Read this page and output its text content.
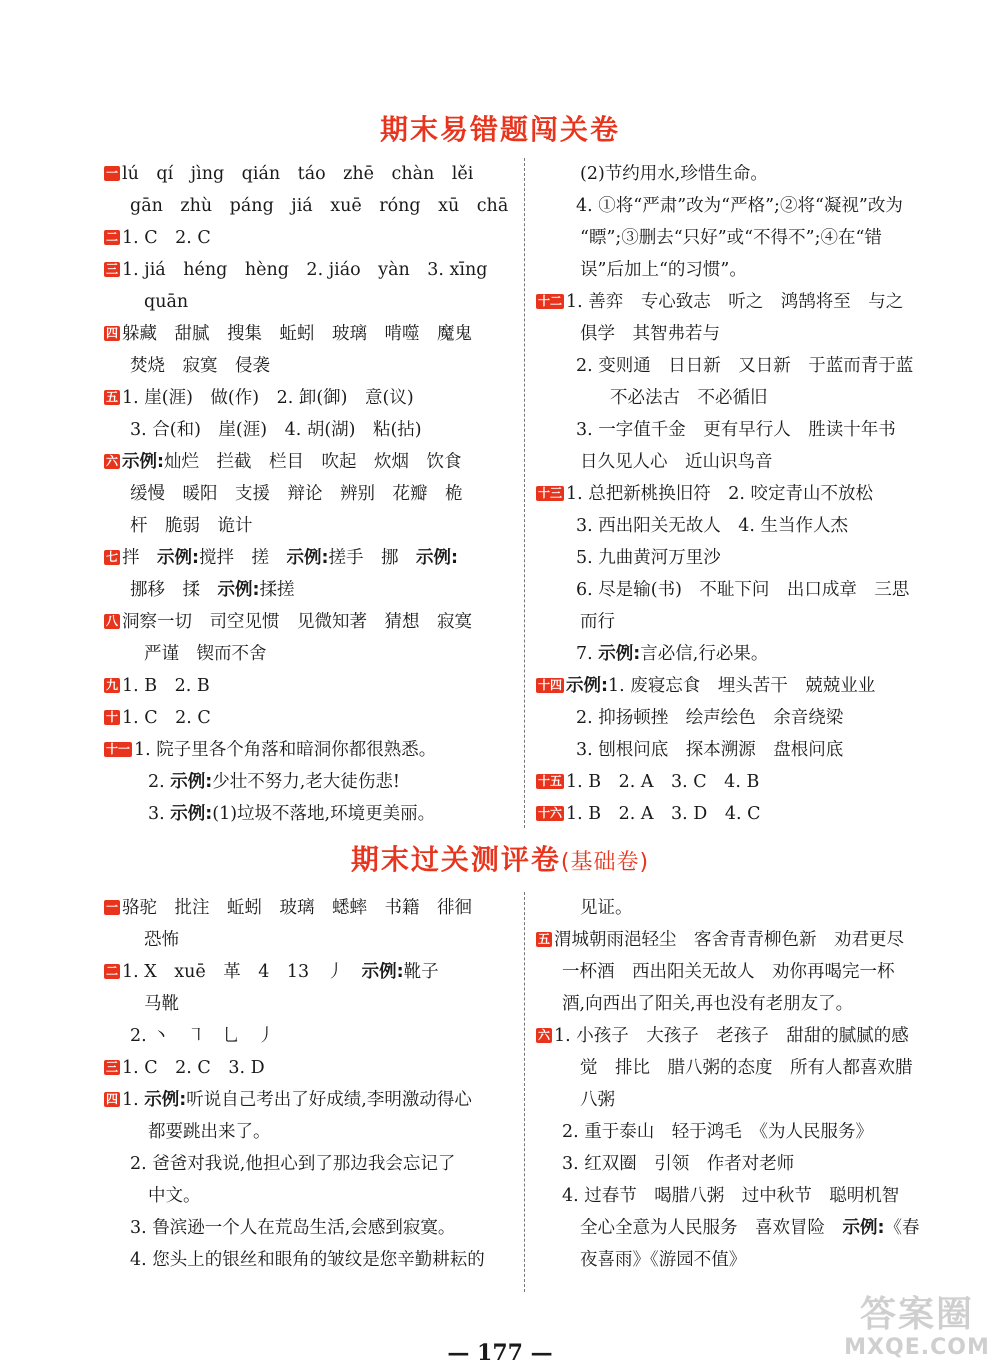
期末易错题闯关卷
一 lú　qí　jìng　qián　táo　zhē　chàn　lěi
gān　zhù　páng　jiá　xuē　róng　xū　chā
二 1. C　2. C
三 1. jiá　héng　hèng　2. jiáo　yàn　3. xīng
quān
四 躲藏　甜腻　搜集　蚯蚓　玻璃　啃噬　魔鬼
焚烧　寂寞　侵袭
五 1. 崖(涯)　做(作)　2. 卸(御)　意(议)
3. 合(和)　崖(涯)　4. 胡(湖)　粘(拈)
六 示例:灿烂　拦截　栏目　吹起　炊烟　饮食
缓慢　暖阳　支援　辩论　辨别　花瓣　桅
杆　脆弱　诡计
七 拌　示例:搅拌　搓　示例:搓手　挪　示例:
挪移　揉　示例:揉搓
八 洞察一切　司空见惯　见微知著　猜想　寂寞
严谨　锲而不舍
九 1. B　2. B
十 1. C　2. C
十一 1. 院子里各个角落和暗洞你都很熟悉。
2. 示例:少壮不努力,老大徒伤悲!
3. 示例:(1)垃圾不落地,环境更美丽。
(2)节约用水,珍惜生命。
4. ①将“严肃”改为“严格”;②将“凝视”改为
“瞟”;③删去“只好”或“不得不”;④在“错
误”后加上“的习惯”。
十二 1. 善弈　专心致志　听之　鸿鹄将至　与之
俱学　其智弗若与
2. 变则通　日日新　又日新　于蓝而青于蓝
不必法古　不必循旧
3. 一字值千金　更有早行人　胜读十年书
日久见人心　近山识鸟音
十三 1. 总把新桃换旧符　2. 咬定青山不放松
3. 西出阳关无故人　4. 生当作人杰
5. 九曲黄河万里沙
6. 尽是输(书)　不耻下问　出口成章　三思
而行
7. 示例:言必信,行必果。
十四 示例:1. 废寝忘食　埋头苦干　兢兢业业
2. 抑扬顿挫　绘声绘色　余音绕梁
3. 刨根问底　探本溯源　盘根问底
十五 1. B　2. A　3. C　4. B
十六 1. B　2. A　3. D　4. C
期末过关测评卷(基础卷)
一 骆驼　批注　蚯蚓　玻璃　蟋蟀　书籍　徘徊
恐怖
二 1. X　xuē　革　4　13　丿　示例:靴子
马靴
2. 丶　㇕　乚　丿
三 1. C　2. C　3. D
四 1. 示例:听说自己考出了好成绩,李明激动得心
都要跳出来了。
2. 爸爸对我说,他担心到了那边我会忘记了
中文。
3. 鲁滨逊一个人在荒岛生活,会感到寂寞。
4. 您头上的银丝和眼角的皱纹是您辛勤耕耘的
见证。
五 渭城朝雨浥轻尘　客舍青青柳色新　劝君更尽
一杯酒　西出阳关无故人　劝你再喝完一杯
酒,向西出了阳关,再也没有老朋友了。
六 1. 小孩子　大孩子　老孩子　甜甜的腻腻的感
觉　排比　腊八粥的态度　所有人都喜欢腊
八粥
2. 重于泰山　轻于鸿毛　《为人民服务》
3. 红双圈　引领　作者对老师
4. 过春节　喝腊八粥　过中秋节　聪明机智
全心全意为人民服务　喜欢冒险　示例:《春
夜喜雨》《游园不值》
— 177 —
答案圈
MXQE.COM
